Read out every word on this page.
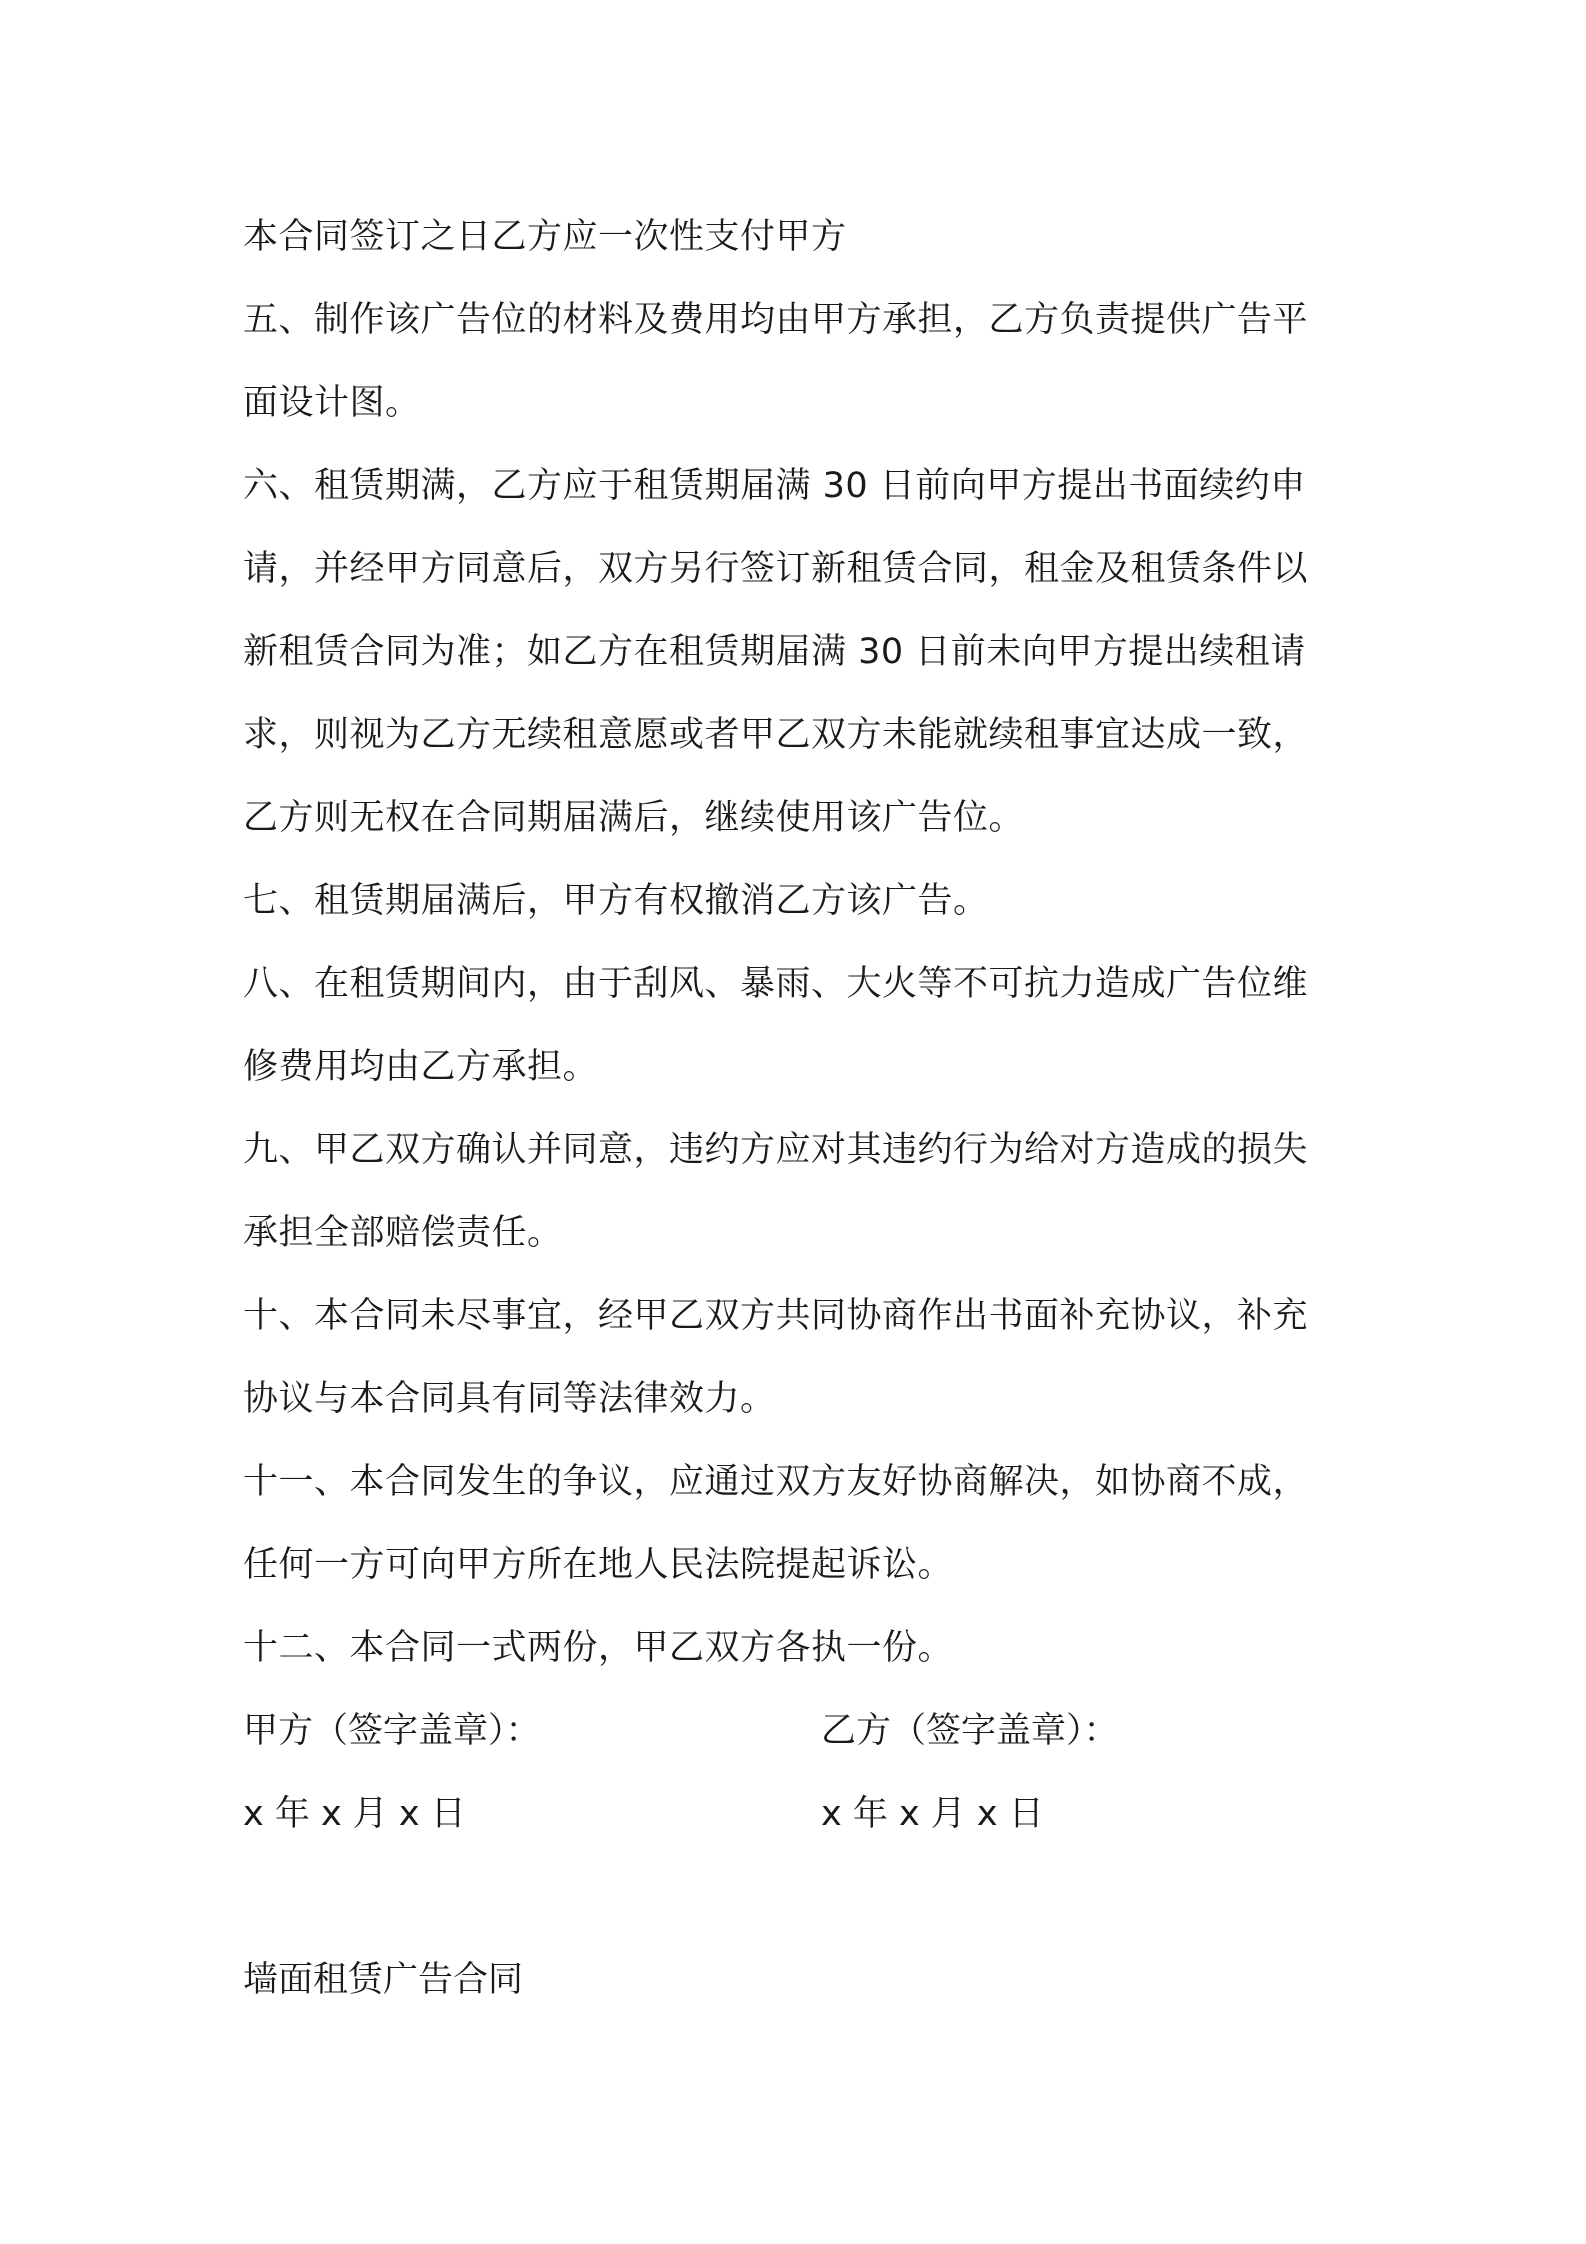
本合同签订之日乙方应一次性支付甲方
五、制作该广告位的材料及费用均由甲方承担，乙方负责提供广告平
面设计图。
六、租赁期满，乙方应于租赁期届满 30 日前向甲方提出书面续约申
请，并经甲方同意后，双方另行签订新租赁合同，租金及租赁条件以
新租赁合同为准；如乙方在租赁期届满 30 日前未向甲方提出续租请
求，则视为乙方无续租意愿或者甲乙双方未能就续租事宜达成一致，
乙方则无权在合同期届满后，继续使用该广告位。
七、租赁期届满后，甲方有权撤消乙方该广告。
八、在租赁期间内，由于刮风、暴雨、大火等不可抗力造成广告位维
修费用均由乙方承担。
九、甲乙双方确认并同意，违约方应对其违约行为给对方造成的损失
承担全部赔偿责任。
十、本合同未尽事宜，经甲乙双方共同协商作出书面补充协议，补充
协议与本合同具有同等法律效力。
十一、本合同发生的争议，应通过双方友好协商解决，如协商不成，
任何一方可向甲方所在地人民法院提起诉讼。
十二、本合同一式两份，甲乙双方各执一份。
甲方（签字盖章）：	乙方（签字盖章）：
x 年 x 月 x 日	x 年 x 月 x 日
墙面租赁广告合同
